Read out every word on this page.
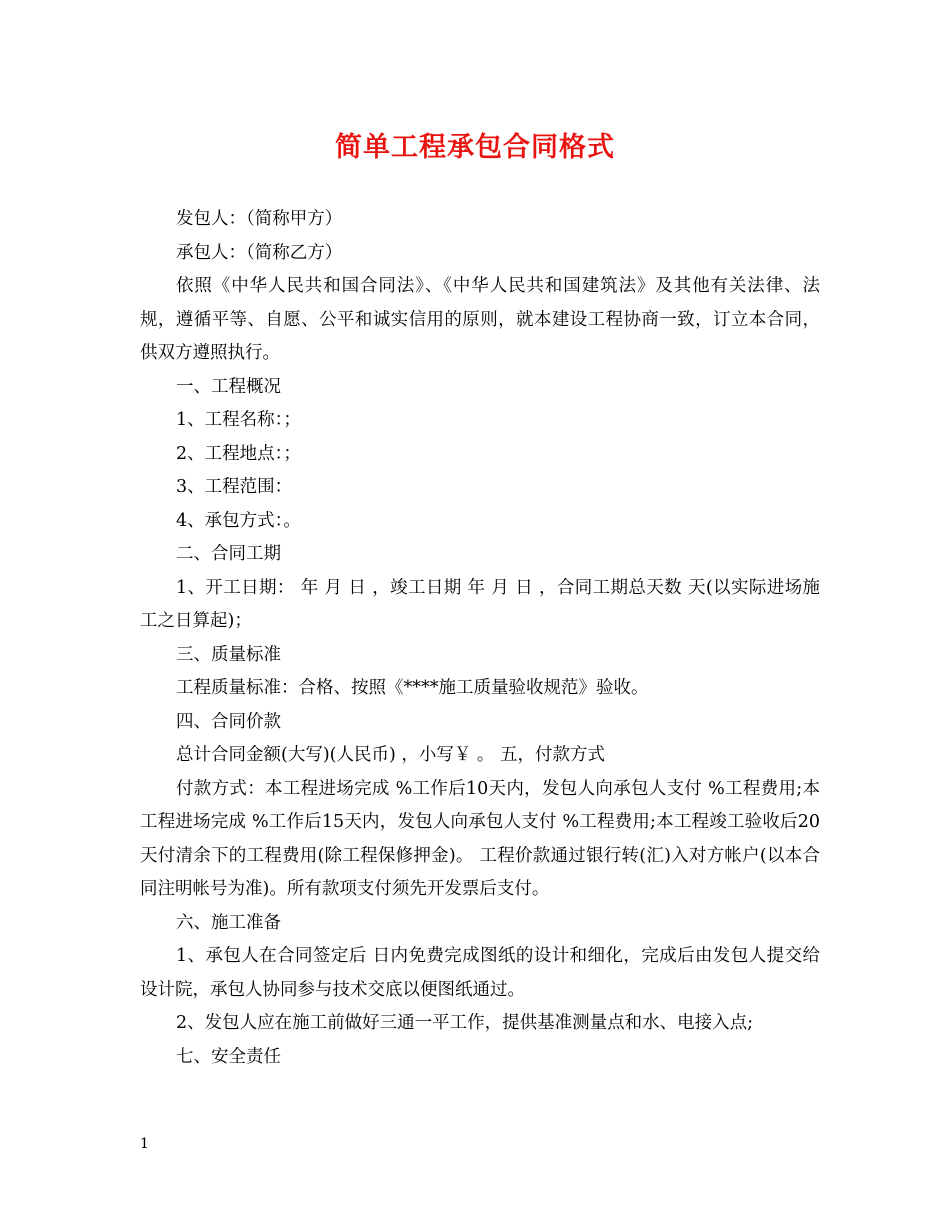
简单工程承包合同格式

发包人：（简称甲方）

承包人：（简称乙方）

依照《中华人民共和国合同法》、《中华人民共和国建筑法》及其他有关法律、法规，遵循平等、自愿、公平和诚实信用的原则，就本建设工程协商一致，订立本合同，供双方遵照执行。

一、工程概况

1、工程名称：；

2、工程地点：；

3、工程范围：

4、承包方式：。

二、合同工期

1、开工日期： 年 月 日 ，竣工日期 年 月 日 ，合同工期总天数 天(以实际进场施工之日算起)；

三、质量标准

工程质量标准：合格、按照《****施工质量验收规范》验收。

四、合同价款

总计合同金额(大写)(人民币) ，小写￥ 。 五，付款方式

付款方式：本工程进场完成 %工作后10天内，发包人向承包人支付 %工程费用;本工程进场完成 %工作后15天内，发包人向承包人支付 %工程费用;本工程竣工验收后20天付清余下的工程费用(除工程保修押金)。 工程价款通过银行转(汇)入对方帐户(以本合同注明帐号为准)。所有款项支付须先开发票后支付。

六、施工准备

1、承包人在合同签定后 日内免费完成图纸的设计和细化，完成后由发包人提交给设计院，承包人协同参与技术交底以便图纸通过。

2、发包人应在施工前做好三通一平工作，提供基准测量点和水、电接入点;

七、安全责任

1
